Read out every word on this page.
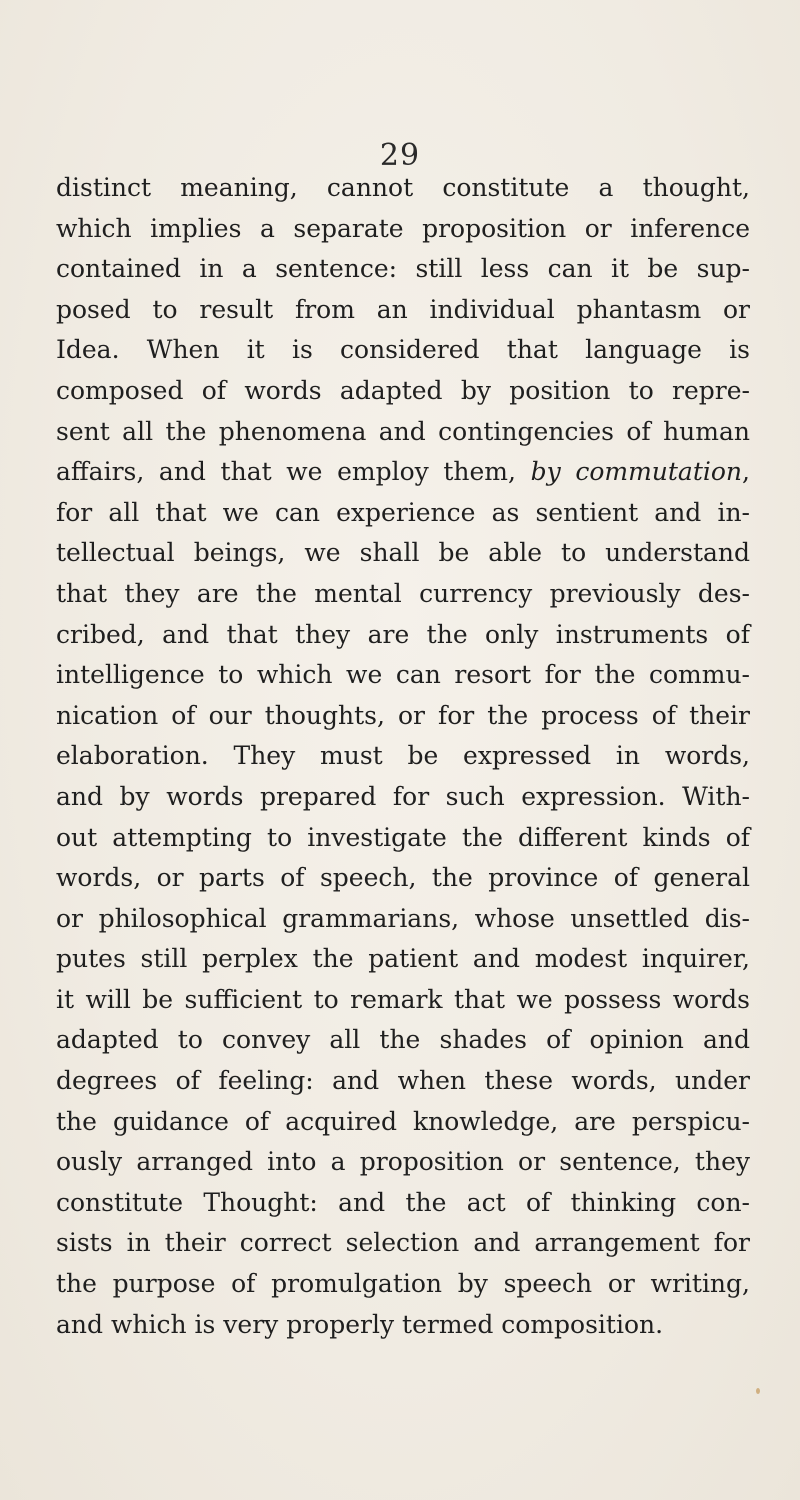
29
distinct meaning, cannot constitute a thought,
which implies a separate proposition or inference
contained in a sentence: still less can it be sup-
posed to result from an individual phantasm or
Idea. When it is considered that language is
composed of words adapted by position to repre-
sent all the phenomena and contingencies of human
affairs, and that we employ them, by commutation,
for all that we can experience as sentient and in-
tellectual beings, we shall be able to understand
that they are the mental currency previously des-
cribed, and that they are the only instruments of
intelligence to which we can resort for the commu-
nication of our thoughts, or for the process of their
elaboration. They must be expressed in words,
and by words prepared for such expression. With-
out attempting to investigate the different kinds of
words, or parts of speech, the province of general
or philosophical grammarians, whose unsettled dis-
putes still perplex the patient and modest inquirer,
it will be sufficient to remark that we possess words
adapted to convey all the shades of opinion and
degrees of feeling: and when these words, under
the guidance of acquired knowledge, are perspicu-
ously arranged into a proposition or sentence, they
constitute Thought: and the act of thinking con-
sists in their correct selection and arrangement for
the purpose of promulgation by speech or writing,
and which is very properly termed composition.
